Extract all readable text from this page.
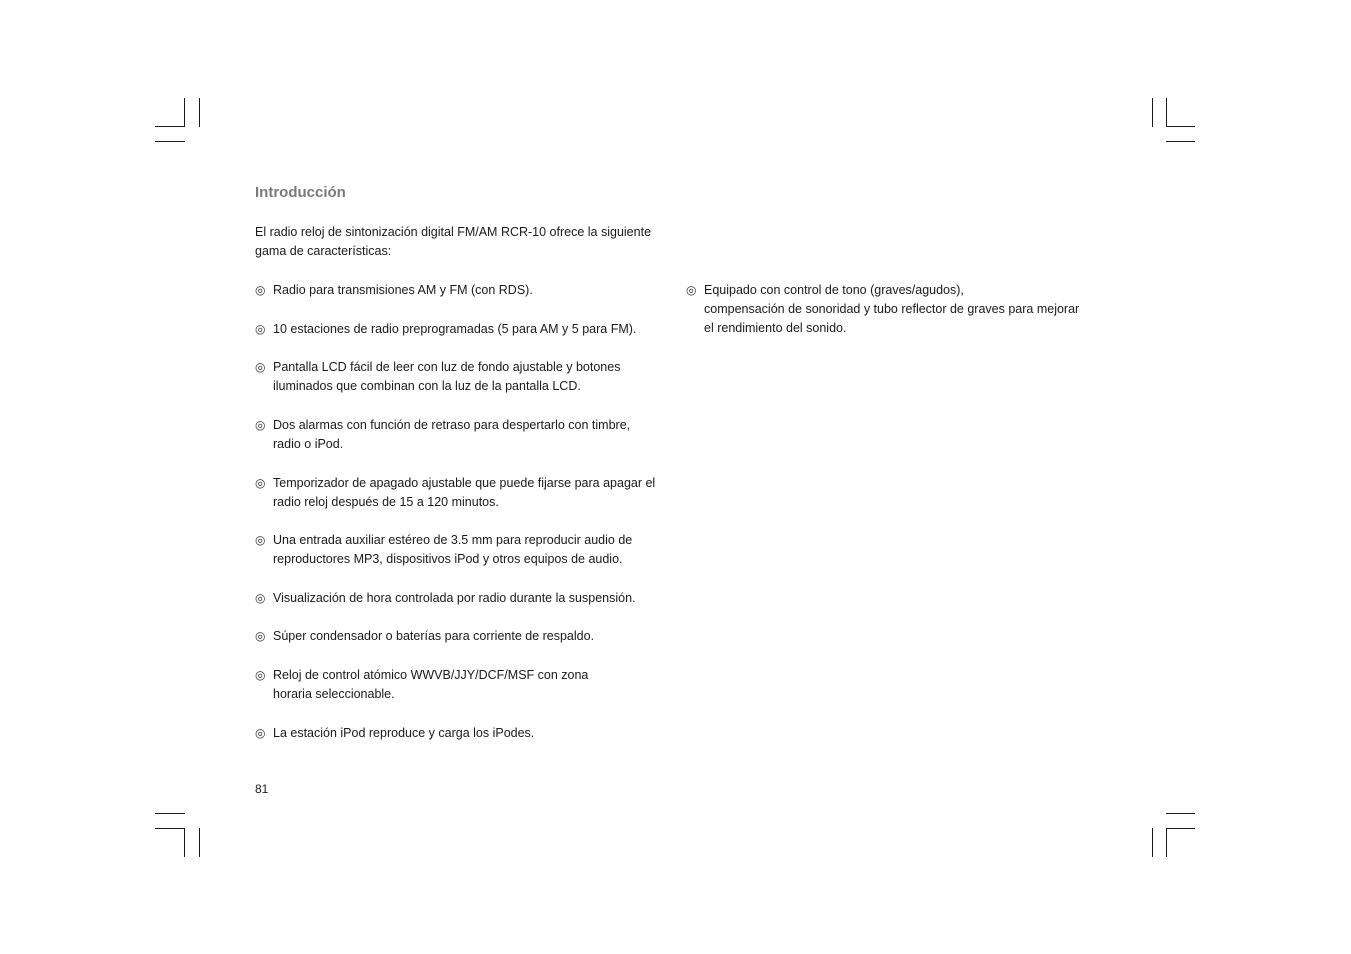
Introducción
El radio reloj de sintonización digital FM/AM RCR-10 ofrece la siguiente
gama de características:
◎ Radio para transmisiones AM y FM (con RDS).
◎ 10 estaciones de radio preprogramadas (5 para AM y 5 para FM).
◎ Pantalla LCD fácil de leer con luz de fondo ajustable y botones
iluminados que combinan con la luz de la pantalla LCD.
◎ Dos alarmas con función de retraso para despertarlo con timbre,
radio o iPod.
◎ Temporizador de apagado ajustable que puede fijarse para apagar el
radio reloj después de 15 a 120 minutos.
◎ Una entrada auxiliar estéreo de 3.5 mm para reproducir audio de
reproductores MP3, dispositivos iPod y otros equipos de audio.
◎ Visualización de hora controlada por radio durante la suspensión.
◎ Súper condensador o baterías para corriente de respaldo.
◎ Reloj de control atómico WWVB/JJY/DCF/MSF con zona
horaria seleccionable.
◎ La estación iPod reproduce y carga los iPodes.
◎ Equipado con control de tono (graves/agudos),
compensación de sonoridad y tubo reflector de graves para mejorar
el rendimiento del sonido.
81
